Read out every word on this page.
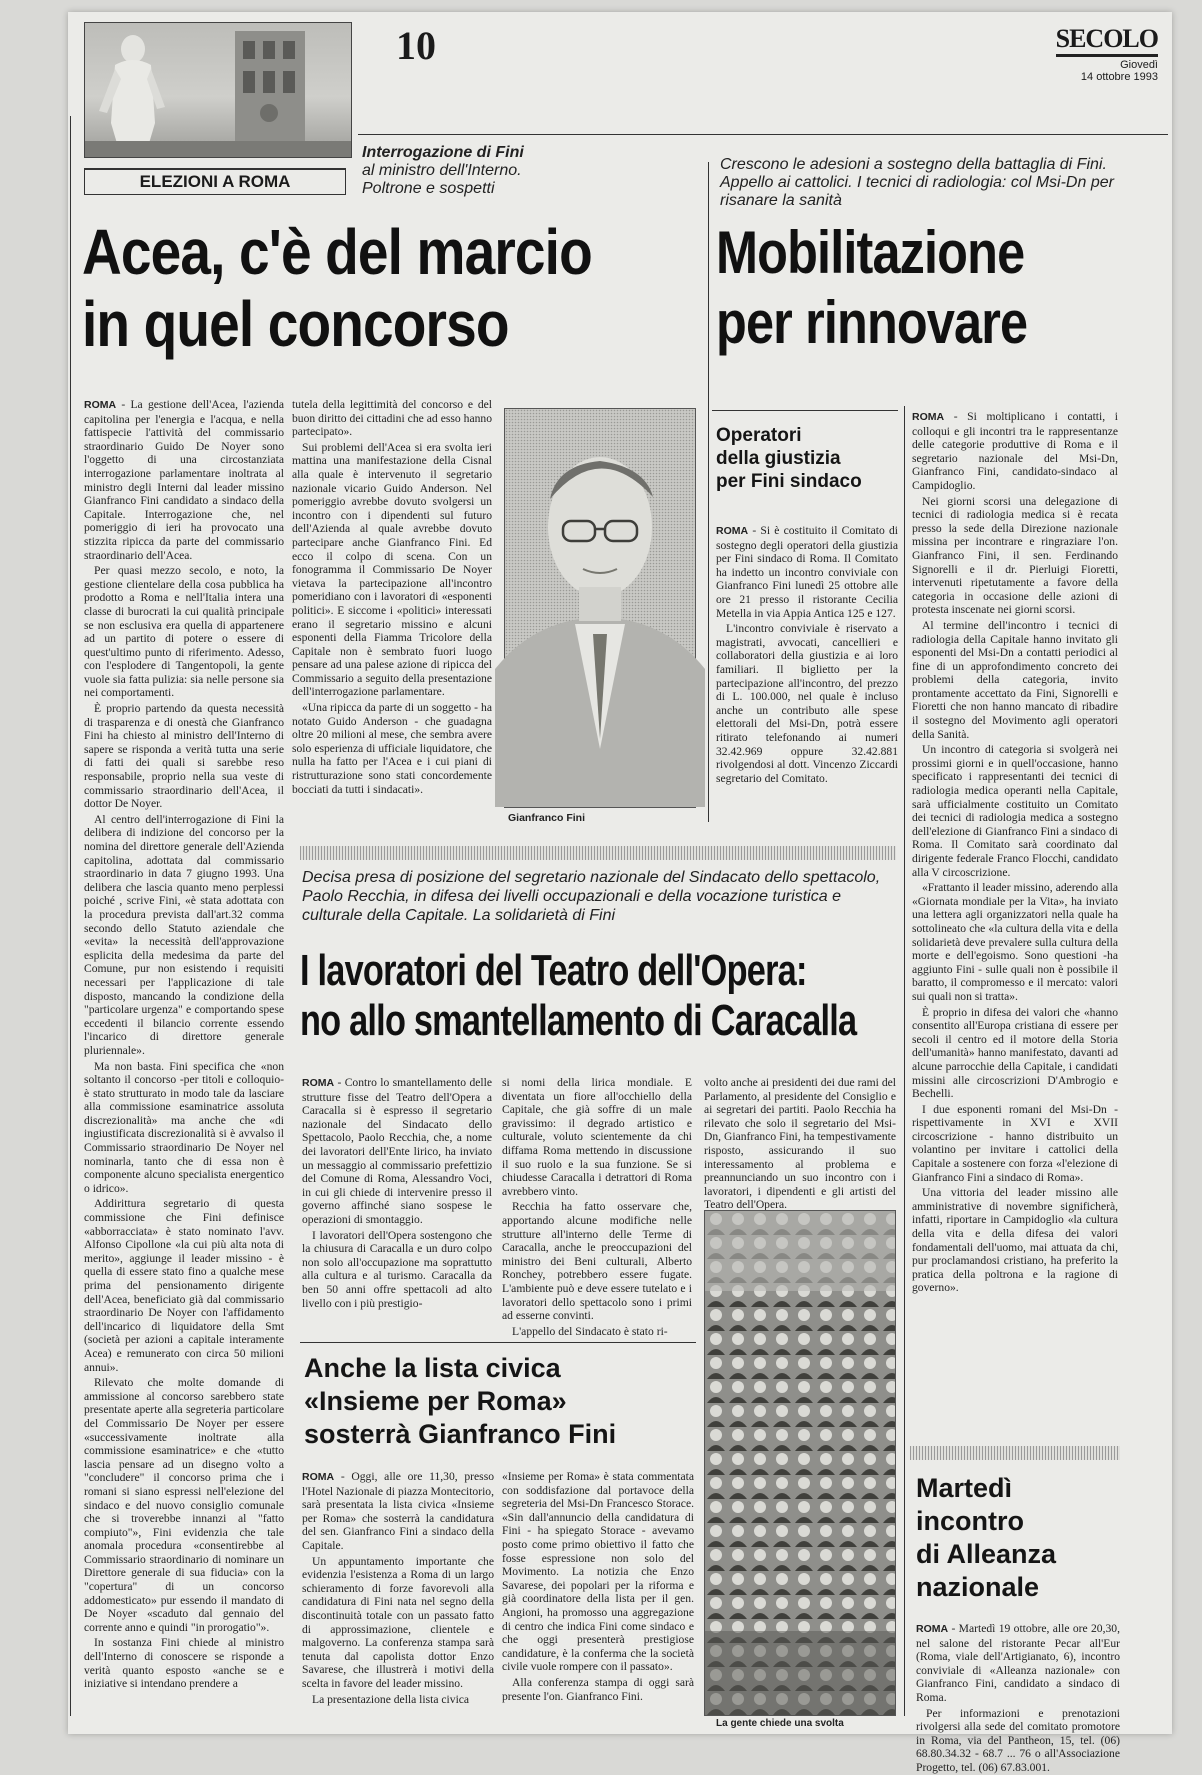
ELEZIONI A ROMA
10	SECOLO
Giovedì
14 ottobre 1993
Interrogazione di Fini
al ministro dell'Interno.
Poltrone e sospetti
Acea, c'è del marcio
in quel concorso

ROMA - La gestione dell'Acea, l'azienda capitolina per l'energia e l'acqua, e nella fattispecie l'attività del commissario straordinario Guido De Noyer sono l'oggetto di una circostanziata interrogazione parlamentare inoltrata al ministro degli Interni dal leader missino Gianfranco Fini candidato a sindaco della Capitale. Interrogazione che, nel pomeriggio di ieri ha provocato una stizzita ripicca da parte del commissario straordinario dell'Acea.

Per quasi mezzo secolo, e noto, la gestione clientelare della cosa pubblica ha prodotto a Roma e nell'Italia intera una classe di burocrati la cui qualità principale se non esclusiva era quella di appartenere ad un partito di potere o essere di quest'ultimo punto di riferimento. Adesso, con l'esplodere di Tangentopoli, la gente vuole sia fatta pulizia: sia nelle persone sia nei comportamenti.

È proprio partendo da questa necessità di trasparenza e di onestà che Gianfranco Fini ha chiesto al ministro dell'Interno di sapere se risponda a verità tutta una serie di fatti dei quali si sarebbe reso responsabile, proprio nella sua veste di commissario straordinario dell'Acea, il dottor De Noyer.

Al centro dell'interrogazione di Fini la delibera di indizione del concorso per la nomina del direttore generale dell'Azienda capitolina, adottata dal commissario straordinario in data 7 giugno 1993. Una delibera che lascia quanto meno perplessi poiché , scrive Fini, «è stata adottata con la procedura prevista dall'art.32 comma secondo dello Statuto aziendale che «evita» la necessità dell'approvazione esplicita della medesima da parte del Comune, pur non esistendo i requisiti necessari per l'applicazione di tale disposto, mancando la condizione della "particolare urgenza" e comportando spese eccedenti il bilancio corrente essendo l'incarico di direttore generale pluriennale».

Ma non basta. Fini specifica che «non soltanto il concorso -per titoli e colloquio- è stato strutturato in modo tale da lasciare alla commissione esaminatrice assoluta discrezionalità» ma anche che «di ingiustificata discrezionalità si è avvalso il Commissario straordinario De Noyer nel nominarla, tanto che di essa non è componente alcuno specialista energentico o idrico».

Addirittura segretario di questa commissione che Fini definisce «abborracciata» è stato nominato l'avv. Alfonso Cipollone «la cui più alta nota di merito», aggiunge il leader missino - è quella di essere stato fino a qualche mese prima del pensionamento dirigente dell'Acea, beneficiato già dal commissario straordinario De Noyer con l'affidamento dell'incarico di liquidatore della Smt (società per azioni a capitale interamente Acea) e remunerato con circa 50 milioni annui».

Rilevato che molte domande di ammissione al concorso sarebbero state presentate aperte alla segreteria particolare del Commissario De Noyer per essere «successivamente inoltrate alla commissione esaminatrice» e che «tutto lascia pensare ad un disegno volto a "concludere" il concorso prima che i romani si siano espressi nell'elezione del sindaco e del nuovo consiglio comunale che si troverebbe innanzi al "fatto compiuto"», Fini evidenzia che tale anomala procedura «consentirebbe al Commissario straordinario di nominare un Direttore generale di sua fiducia» con la "copertura" di un concorso addomesticato» pur essendo il mandato di De Noyer «scaduto dal gennaio del corrente anno e quindi "in prorogatio"».

In sostanza Fini chiede al ministro dell'Interno di conoscere se risponde a verità quanto esposto «anche se e iniziative si intendano prendere a

tutela della legittimità del concorso e del buon diritto dei cittadini che ad esso hanno partecipato».

Sui problemi dell'Acea si era svolta ieri mattina una manifestazione della Cisnal alla quale è intervenuto il segretario nazionale vicario Guido Anderson. Nel pomeriggio avrebbe dovuto svolgersi un incontro con i dipendenti sul futuro dell'Azienda al quale avrebbe dovuto partecipare anche Gianfranco Fini. Ed ecco il colpo di scena. Con un fonogramma il Commissario De Noyer vietava la partecipazione all'incontro pomeridiano con i lavoratori di «esponenti politici». E siccome i «politici» interessati erano il segretario missino e alcuni esponenti della Fiamma Tricolore della Capitale non è sembrato fuori luogo pensare ad una palese azione di ripicca del Commissario a seguito della presentazione dell'interrogazione parlamentare.

«Una ripicca da parte di un soggetto - ha notato Guido Anderson - che guadagna oltre 20 milioni al mese, che sembra avere solo esperienza di ufficiale liquidatore, che nulla ha fatto per l'Acea e i cui piani di ristrutturazione sono stati concordemente bocciati da tutti i sindacati».

Gianfranco Fini
Crescono le adesioni a sostegno della battaglia di Fini. Appello ai cattolici. I tecnici di radiologia: col Msi-Dn per risanare la sanità
Mobilitazione
per rinnovare
Operatori
della giustizia
per Fini sindaco

ROMA - Si è costituito il Comitato di sostegno degli operatori della giustizia per Fini sindaco di Roma. Il Comitato ha indetto un incontro conviviale con Gianfranco Fini lunedì 25 ottobre alle ore 21 presso il ristorante Cecilia Metella in via Appia Antica 125 e 127.

L'incontro conviviale è riservato a magistrati, avvocati, cancellieri e collaboratori della giustizia e ai loro familiari. Il biglietto per la partecipazione all'incontro, del prezzo di L. 100.000, nel quale è incluso anche un contributo alle spese elettorali del Msi-Dn, potrà essere ritirato telefonando ai numeri 32.42.969 oppure 32.42.881 rivolgendosi al dott. Vincenzo Ziccardi segretario del Comitato.

ROMA - Si moltiplicano i contatti, i colloqui e gli incontri tra le rappresentanze delle categorie produttive di Roma e il segretario nazionale del Msi-Dn, Gianfranco Fini, candidato-sindaco al Campidoglio.

Nei giorni scorsi una delegazione di tecnici di radiologia medica si è recata presso la sede della Direzione nazionale missina per incontrare e ringraziare l'on. Gianfranco Fini, il sen. Ferdinando Signorelli e il dr. Pierluigi Fioretti, intervenuti ripetutamente a favore della categoria in occasione delle azioni di protesta inscenate nei giorni scorsi.

Al termine dell'incontro i tecnici di radiologia della Capitale hanno invitato gli esponenti del Msi-Dn a contatti periodici al fine di un approfondimento concreto dei problemi della categoria, invito prontamente accettato da Fini, Signorelli e Fioretti che non hanno mancato di ribadire il sostegno del Movimento agli operatori della Sanità.

Un incontro di categoria si svolgerà nei prossimi giorni e in quell'occasione, hanno specificato i rappresentanti dei tecnici di radiologia medica operanti nella Capitale, sarà ufficialmente costituito un Comitato dei tecnici di radiologia medica a sostegno dell'elezione di Gianfranco Fini a sindaco di Roma. Il Comitato sarà coordinato dal dirigente federale Franco Flocchi, candidato alla V circoscrizione.

«Frattanto il leader missino, aderendo alla «Giornata mondiale per la Vita», ha inviato una lettera agli organizzatori nella quale ha sottolineato che «la cultura della vita e della solidarietà deve prevalere sulla cultura della morte e dell'egoismo. Sono questioni -ha aggiunto Fini - sulle quali non è possibile il baratto, il compromesso e il mercato: valori sui quali non si tratta».

È proprio in difesa dei valori che «hanno consentito all'Europa cristiana di essere per secoli il centro ed il motore della Storia dell'umanità» hanno manifestato, davanti ad alcune parrocchie della Capitale, i candidati missini alle circoscrizioni D'Ambrogio e Bechelli.

I due esponenti romani del Msi-Dn -rispettivamente in XVI e XVII circoscrizione - hanno distribuito un volantino per invitare i cattolici della Capitale a sostenere con forza «l'elezione di Gianfranco Fini a sindaco di Roma».

Una vittoria del leader missino alle amministrative di novembre significherà, infatti, riportare in Campidoglio «la cultura della vita e della difesa dei valori fondamentali dell'uomo, mai attuata da chi, pur proclamandosi cristiano, ha preferito la pratica della poltrona e la ragione di governo».

Martedì
incontro
di Alleanza
nazionale

ROMA - Martedì 19 ottobre, alle ore 20,30, nel salone del ristorante Pecar all'Eur (Roma, viale dell'Artigianato, 6), incontro conviviale di «Alleanza nazionale» con Gianfranco Fini, candidato a sindaco di Roma.

Per informazioni e prenotazioni rivolgersi alla sede del comitato promotore in Roma, via del Pantheon, 15, tel. (06) 68.80.34.32 - 68.7 ... 76 o all'Associazione Progetto, tel. (06) 67.83.001.

Decisa presa di posizione del segretario nazionale del Sindacato dello spettacolo, Paolo Recchia, in difesa dei livelli occupazionali e della vocazione turistica e culturale della Capitale. La solidarietà di Fini
I lavoratori del Teatro dell'Opera:
no allo smantellamento di Caracalla

ROMA - Contro lo smantellamento delle strutture fisse del Teatro dell'Opera a Caracalla si è espresso il segretario nazionale del Sindacato dello Spettacolo, Paolo Recchia, che, a nome dei lavoratori dell'Ente lirico, ha inviato un messaggio al commissario prefettizio del Comune di Roma, Alessandro Voci, in cui gli chiede di intervenire presso il governo affinché siano sospese le operazioni di smontaggio.

I lavoratori dell'Opera sostengono che la chiusura di Caracalla e un duro colpo non solo all'occupazione ma soprattutto alla cultura e al turismo. Caracalla da ben 50 anni offre spettacoli ad alto livello con i più prestigio-

si nomi della lirica mondiale. E diventata un fiore all'occhiello della Capitale, che già soffre di un male gravissimo: il degrado artistico e culturale, voluto scientemente da chi diffama Roma mettendo in discussione il suo ruolo e la sua funzione. Se si chiudesse Caracalla i detrattori di Roma avrebbero vinto.

Recchia ha fatto osservare che, apportando alcune modifiche nelle strutture all'interno delle Terme di Caracalla, anche le preoccupazioni del ministro dei Beni culturali, Alberto Ronchey, potrebbero essere fugate. L'ambiente può e deve essere tutelato e i lavoratori dello spettacolo sono i primi ad esserne convinti.

L'appello del Sindacato è stato ri-

volto anche ai presidenti dei due rami del Parlamento, al presidente del Consiglio e ai segretari dei partiti. Paolo Recchia ha rilevato che solo il segretario del Msi-Dn, Gianfranco Fini, ha tempestivamente risposto, assicurando il suo interessamento al problema e preannunciando un suo incontro con i lavoratori, i dipendenti e gli artisti del Teatro dell'Opera.

La gente chiede una svolta
Anche la lista civica
«Insieme per Roma»
sosterrà Gianfranco Fini

ROMA - Oggi, alle ore 11,30, presso l'Hotel Nazionale di piazza Montecitorio, sarà presentata la lista civica «Insieme per Roma» che sosterrà la candidatura del sen. Gianfranco Fini a sindaco della Capitale.

Un appuntamento importante che evidenzia l'esistenza a Roma di un largo schieramento di forze favorevoli alla candidatura di Fini nata nel segno della discontinuità totale con un passato fatto di approssimazione, clientele e malgoverno. La conferenza stampa sarà tenuta dal capolista dottor Enzo Savarese, che illustrerà i motivi della scelta in favore del leader missino.

La presentazione della lista civica

«Insieme per Roma» è stata commentata con soddisfazione dal portavoce della segreteria del Msi-Dn Francesco Storace. «Sin dall'annuncio della candidatura di Fini - ha spiegato Storace - avevamo posto come primo obiettivo il fatto che fosse espressione non solo del Movimento. La notizia che Enzo Savarese, dei popolari per la riforma e già coordinatore della lista per il gen. Angioni, ha promosso una aggregazione di centro che indica Fini come sindaco e che oggi presenterà prestigiose candidature, è la conferma che la società civile vuole rompere con il passato».

Alla conferenza stampa di oggi sarà presente l'on. Gianfranco Fini.
